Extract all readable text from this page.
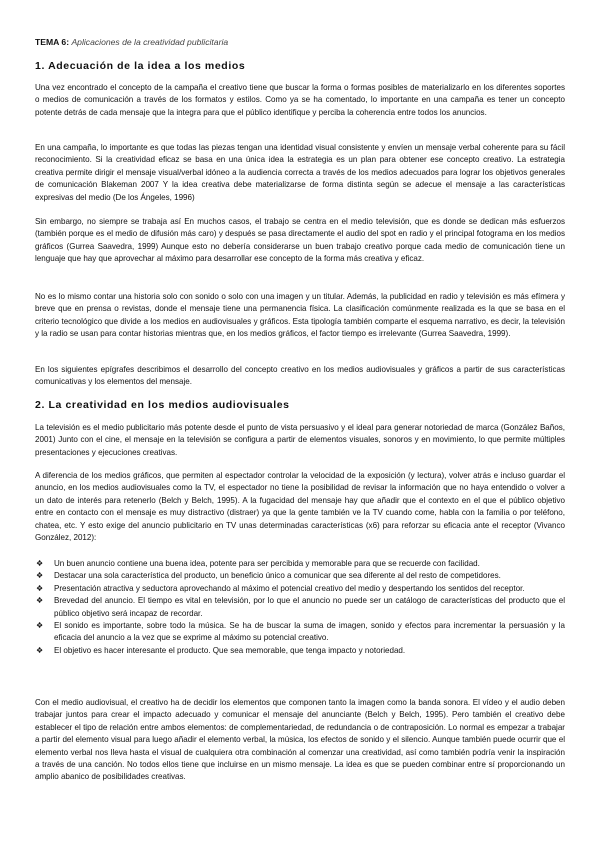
TEMA 6: Aplicaciones de la creatividad publicitaria
1. Adecuación de la idea a los medios

Una vez encontrado el concepto de la campaña el creativo tiene que buscar la forma o formas posibles de materializarlo en los diferentes soportes o medios de comunicación a través de los formatos y estilos. Como ya se ha comentado, lo importante en una campaña es tener un concepto potente detrás de cada mensaje que la integra para que el público identifique y perciba la coherencia entre todos los anuncios.

En una campaña, lo importante es que todas las piezas tengan una identidad visual consistente y envíen un mensaje verbal coherente para su fácil reconocimiento. Si la creatividad eficaz se basa en una única idea la estrategia es un plan para obtener ese concepto creativo. La estrategia creativa permite dirigir el mensaje visual/verbal idóneo a la audiencia correcta a través de los medios adecuados para lograr los objetivos generales de comunicación Blakeman 2007 Y la idea creativa debe materializarse de forma distinta según se adecue el mensaje a las características expresivas del medio (De los Ángeles, 1996)

Sin embargo, no siempre se trabaja así En muchos casos, el trabajo se centra en el medio televisión, que es donde se dedican más esfuerzos (también porque es el medio de difusión más caro) y después se pasa directamente el audio del spot en radio y el principal fotograma en los medios gráficos (Gurrea Saavedra, 1999) Aunque esto no debería considerarse un buen trabajo creativo porque cada medio de comunicación tiene un lenguaje que hay que aprovechar al máximo para desarrollar ese concepto de la forma más creativa y eficaz.

No es lo mismo contar una historia solo con sonido o solo con una imagen y un titular. Además, la publicidad en radio y televisión es más efímera y breve que en prensa o revistas, donde el mensaje tiene una permanencia física. La clasificación comúnmente realizada es la que se basa en el criterio tecnológico que divide a los medios en audiovisuales y gráficos. Esta tipología también comparte el esquema narrativo, es decir, la televisión y la radio se usan para contar historias mientras que, en los medios gráficos, el factor tiempo es irrelevante (Gurrea Saavedra, 1999).

En los siguientes epígrafes describimos el desarrollo del concepto creativo en los medios audiovisuales y gráficos a partir de sus características comunicativas y los elementos del mensaje.

2. La creatividad en los medios audiovisuales

La televisión es el medio publicitario más potente desde el punto de vista persuasivo y el ideal para generar notoriedad de marca (González Baños, 2001) Junto con el cine, el mensaje en la televisión se configura a partir de elementos visuales, sonoros y en movimiento, lo que permite múltiples presentaciones y ejecuciones creativas.

A diferencia de los medios gráficos, que permiten al espectador controlar la velocidad de la exposición (y lectura), volver atrás e incluso guardar el anuncio, en los medios audiovisuales como la TV, el espectador no tiene la posibilidad de revisar la información que no haya entendido o volver a un dato de interés para retenerlo (Belch y Belch, 1995). A la fugacidad del mensaje hay que añadir que el contexto en el que el público objetivo entre en contacto con el mensaje es muy distractivo (distraer) ya que la gente también ve la TV cuando come, habla con la familia o por teléfono, chatea, etc. Y esto exige del anuncio publicitario en TV unas determinadas características (x6) para reforzar su eficacia ante el receptor (Vivanco González, 2012):

❖ Un buen anuncio contiene una buena idea, potente para ser percibida y memorable para que se recuerde con facilidad.
❖ Destacar una sola característica del producto, un beneficio único a comunicar que sea diferente al del resto de competidores.
❖ Presentación atractiva y seductora aprovechando al máximo el potencial creativo del medio y despertando los sentidos del receptor.
❖ Brevedad del anuncio. El tiempo es vital en televisión, por lo que el anuncio no puede ser un catálogo de características del producto que el público objetivo será incapaz de recordar.
❖ El sonido es importante, sobre todo la música. Se ha de buscar la suma de imagen, sonido y efectos para incrementar la persuasión y la eficacia del anuncio a la vez que se exprime al máximo su potencial creativo.
❖ El objetivo es hacer interesante el producto. Que sea memorable, que tenga impacto y notoriedad.

Con el medio audiovisual, el creativo ha de decidir los elementos que componen tanto la imagen como la banda sonora. El vídeo y el audio deben trabajar juntos para crear el impacto adecuado y comunicar el mensaje del anunciante (Belch y Belch, 1995). Pero también el creativo debe establecer el tipo de relación entre ambos elementos: de complementariedad, de redundancia o de contraposición. Lo normal es empezar a trabajar a partir del elemento visual para luego añadir el elemento verbal, la música, los efectos de sonido y el silencio. Aunque también puede ocurrir que el elemento verbal nos lleva hasta el visual de cualquiera otra combinación al comenzar una creatividad, así como también podría venir la inspiración a través de una canción. No todos ellos tiene que incluirse en un mismo mensaje. La idea es que se pueden combinar entre sí proporcionando un amplio abanico de posibilidades creativas.
